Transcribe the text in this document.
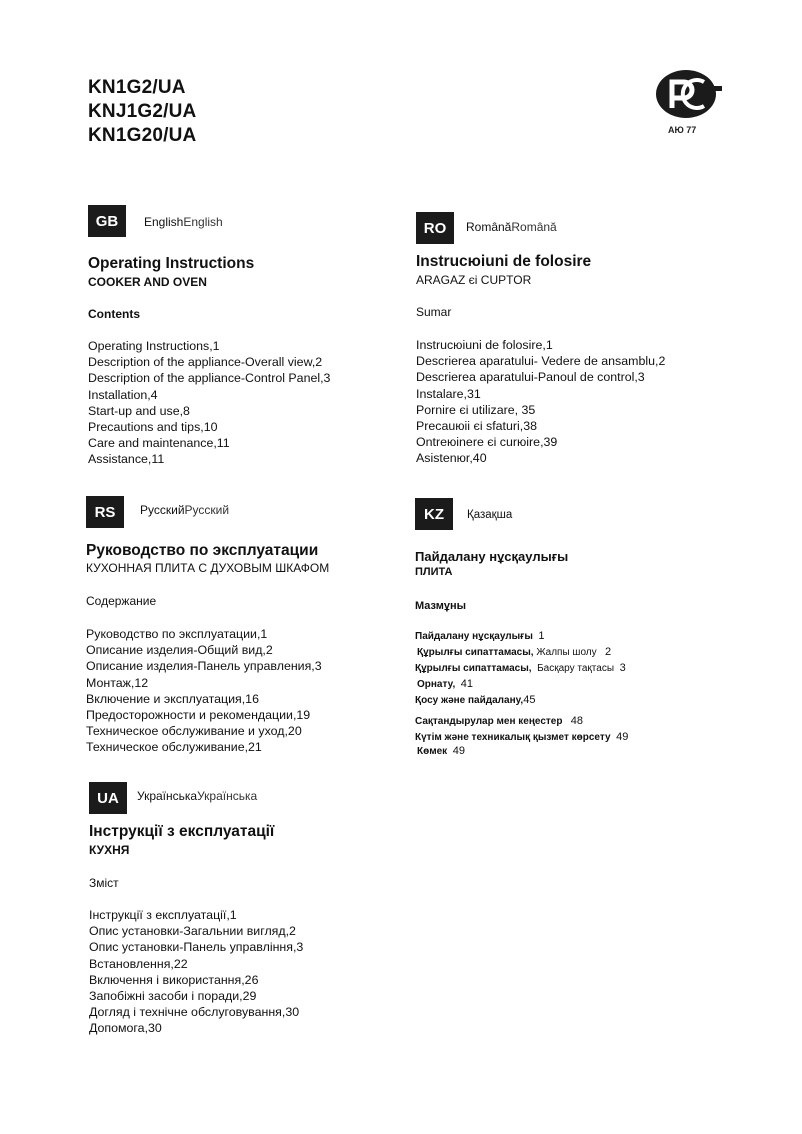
KN1G2/UA
KNJ1G2/UA
KN1G20/UA	АЮ 77
GB	EnglishEnglish
Operating Instructions
COOKER AND OVEN
Contents
Operating Instructions,1
Description of the appliance-Overall view,2
Description of the appliance-Control Panel,3
Installation,4
Start-up and use,8
Precautions and tips,10
Care and maintenance,11
Assistance,11
RO	RomânăRomână
Instrucюiuni de folosire
ARAGAZ єі CUPTOR
Sumar
Instrucюiuni de folosire,1
Descrierea aparatului- Vedere de ansamblu,2
Descrierea aparatului-Panoul de control,3
Instalare,31
Pornire єі utilizare, 35
Precauюii єі sfaturi,38
Ontreюinere єі curюire,39
Asistenюr,40
RS	РусскийРусский
Руководство по эксплуатации
КУХОННАЯ ПЛИТА С ДУХОВЫМ ШКАФОМ
Содержание
Руководство по эксплуатации,1
Описание изделия-Общий вид,2
Описание изделия-Панель управления,3
Монтаж,12
Включение и эксплуатация,16
Предосторожности и рекомендации,19
Техническое обслуживание и уход,20
Техническое обслуживание,21
KZ	Қазақша
Пайдалану нұсқаулығы
ПЛИТА
Мазмұны
Пайдалану нұсқаулығы 1
Құрылғы сипаттамасы, Жалпы шолу 2
Құрылғы сипаттамасы, Басқару тақтасы 3
Орнату, 41
Қосу және пайдалану,45
Сақтандырулар мен кеңестер 48
Күтім және техникалық қызмет көрсету 49
Көмек 49
UA	УкраїнськаУкраїнська
Інструкції з експлуатації
КУХНЯ
Зміст
Інструкції з експлуатації,1
Опис установки-Загальнии вигляд,2
Опис установки-Панель управління,3
Встановлення,22
Включення і використання,26
Запобіжні засоби і поради,29
Догляд і технічне обслуговування,30
Допомога,30
